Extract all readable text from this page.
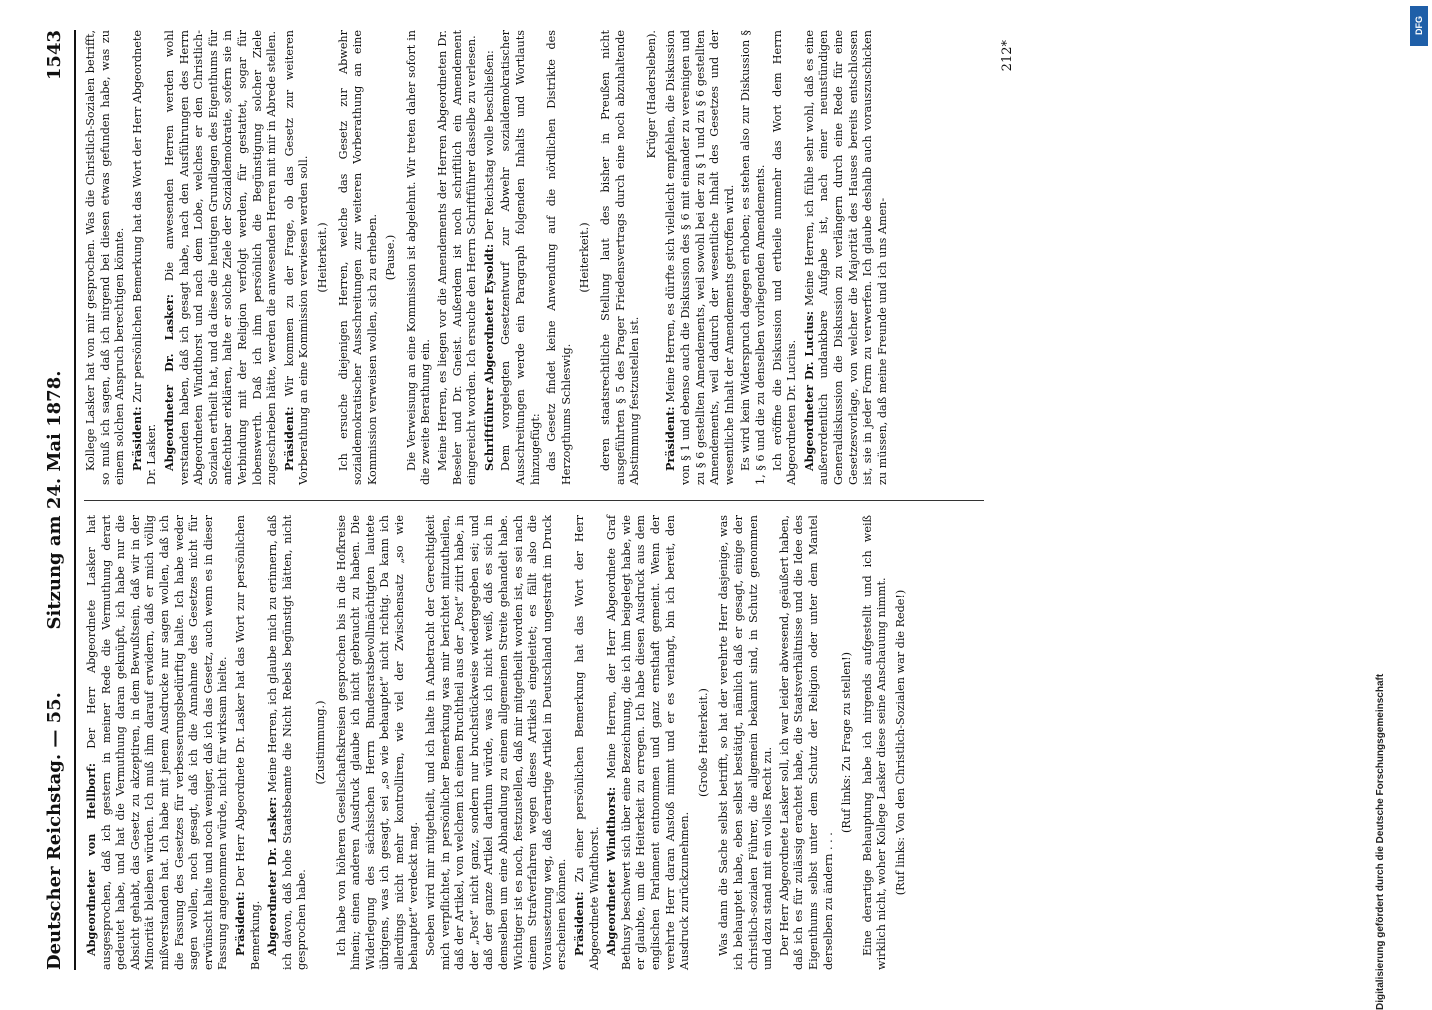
Deutscher Reichstag. — 55.
Sitzung am 24. Mai 1878.
1543

Abgeordneter von Hellborf: Der Herr Abgeordnete Lasker hat ausgesprochen, daß ich gestern in meiner Rede die Vermuthung derart gedeutet habe, und hat die Vermuthung daran geknüpft, ich habe nur die Absicht gehabt, das Gesetz zu akzeptiren, in dem Bewußtsein, daß wir in der Minorität bleiben würden. Ich muß ihm darauf erwidern, daß er mich völlig mißverstanden hat. Ich habe mit jenem Ausdrucke nur sagen wollen, daß ich die Fassung des Gesetzes für verbesserungsbedürftig halte. Ich habe weder sagen wollen, noch gesagt, daß ich die Annahme des Gesetzes nicht für erwünscht halte und noch weniger, daß ich das Gesetz, auch wenn es in dieser Fassung angenommen würde, nicht für wirksam hielte. Präsident: Der Herr Abgeordnete Dr. Lasker hat das Wort zur persönlichen Bemerkung. Abgeordneter Dr. Lasker: Meine Herren, ich glaube mich zu erinnern, daß ich davon, daß hohe Staatsbeamte die Nicht Rebels begünstigt hätten, nicht gesprochen habe.

(Zustimmung.) Ich habe von höheren Gesellschaftskreisen gesprochen bis in die Hofkreise hinein; einen anderen Ausdruck glaube ich nicht gebraucht zu haben. Die Widerlegung des sächsischen Herrn Bundesratsbevollmächtigten lautete übrigens, was ich gesagt, sei „so wie behauptet“ nicht richtig. Da kann ich allerdings nicht mehr kontrolliren, wie viel der Zwischensatz „so wie behauptet“ verdeckt mag. Soeben wird mir mitgetheilt, und ich halte in Anbetracht der Gerechtigkeit mich verpflichtet, in persönlicher Bemerkung was mir berichtet mitzutheilen, daß der Artikel, von welchem ich einen Bruchtheil aus der „Post“ zitirt habe, in der „Post“ nicht ganz, sondern nur bruchstückweise wiedergegeben sei; und daß der ganze Artikel darthun würde, was ich nicht weiß, daß es sich in demselben um eine Abhandlung zu einem allgemeinen Streite gehandelt habe. Wichtiger ist es noch, festzustellen, daß mir mitgetheilt worden ist, es sei nach einem Strafverfahren wegen dieses Artikels eingeleitet; es fällt also die Voraussetzung weg, daß derartige Artikel in Deutschland ungestraft im Druck erscheinen können. Präsident: Zu einer persönlichen Bemerkung hat das Wort der Herr Abgeordnete Windthorst. Abgeordneter Windthorst: Meine Herren, der Herr Abgeordnete Graf Bethusy beschwert sich über eine Bezeichnung, die ich ihm beigelegt habe, wie er glaubte, um die Heiterkeit zu erregen. Ich habe diesen Ausdruck aus dem englischen Parlament entnommen und ganz ernsthaft gemeint. Wenn der verehrte Herr daran Anstoß nimmt und er es verlangt, bin ich bereit, den Ausdruck zurückzunehmen.

(Große Heiterkeit.) Was dann die Sache selbst betrifft, so hat der verehrte Herr dasjenige, was ich behauptet habe, eben selbst bestätigt, nämlich daß er gesagt, einige der christlich-sozialen Führer, die allgemein bekannt sind, in Schutz genommen und dazu stand mit ein volles Recht zu. Der Herr Abgeordnete Lasker soll, ich war leider abwesend, geäußert haben, daß ich es für zulässig erachtet habe, die Staatsverhältnisse und die Idee des Eigenthums selbst unter dem Schutz der Religion oder unter dem Mantel derselben zu ändern . . .

(Ruf links: Zu Frage zu stellen!) Eine derartige Behauptung habe ich nirgends aufgestellt und ich weiß wirklich nicht, woher Kollege Lasker diese seine Anschauung nimmt. (Ruf links: Von den Christlich-Sozialen war die Rede!)

Kollege Lasker hat von mir gesprochen. Was die Christlich-Sozialen betrifft, so muß ich sagen, daß ich nirgend bei diesen etwas gefunden habe, was zu einem solchen Anspruch berechtigen könnte. Präsident: Zur persönlichen Bemerkung hat das Wort der Herr Abgeordnete Dr. Lasker. Abgeordneter Dr. Lasker: Die anwesenden Herren werden wohl verstanden haben, daß ich gesagt habe, nach den Ausführungen des Herrn Abgeordneten Windthorst und nach dem Lobe, welches er den Christlich-Sozialen ertheilt hat, und da diese die heutigen Grundlagen des Eigenthums für anfechtbar erklären, halte er solche Ziele der Sozialdemokratie, sofern sie in Verbindung mit der Religion verfolgt werden, für gestattet, sogar für lobenswerth. Daß ich ihm persönlich die Begünstigung solcher Ziele zugeschrieben hätte, werden die anwesenden Herren mit mir in Abrede stellen. Präsident: Wir kommen zu der Frage, ob das Gesetz zur weiteren Vorberathung an eine Kommission verwiesen werden soll. (Heiterkeit.) Ich ersuche diejenigen Herren, welche das Gesetz zur Abwehr sozialdemokratischer Ausschreitungen zur weiteren Vorberathung an eine Kommission verweisen wollen, sich zu erheben. (Pause.) Die Verweisung an eine Kommission ist abgelehnt. Wir treten daher sofort in die zweite Berathung ein. Meine Herren, es liegen vor die Amendements der Herren Abgeordneten Dr. Beseler und Dr. Gneist. Außerdem ist noch schriftlich ein Amendement eingereicht worden. Ich ersuche den Herrn Schriftführer dasselbe zu verlesen. Schriftführer Abgeordneter Eysoldt: Der Reichstag wolle beschließen: Dem vorgelegten Gesetzentwurf zur Abwehr sozialdemokratischer Ausschreitungen werde ein Paragraph folgenden Inhalts und Wortlauts hinzugefügt: das Gesetz findet keine Anwendung auf die nördlichen Distrikte des Herzogthums Schleswig.

(Heiterkeit.) deren staatsrechtliche Stellung laut des bisher in Preußen nicht ausgeführten § 5 des Prager Friedensvertrags durch eine noch abzuhaltende Abstimmung festzustellen ist.

Krüger (Hadersleben).

Präsident: Meine Herren, es dürfte sich vielleicht empfehlen, die Diskussion von § 1 und ebenso auch die Diskussion des § 6 mit einander zu vereinigen und zu § 6 gestellten Amendements, weil sowohl bei der zu § 1 und zu § 6 gestellten Amendements, weil dadurch der wesentliche Inhalt des Gesetzes und der wesentliche Inhalt der Amendements getroffen wird. Es wird kein Widerspruch dagegen erhoben; es stehen also zur Diskussion § 1, § 6 und die zu denselben vorliegenden Amendements. Ich eröffne die Diskussion und ertheile nunmehr das Wort dem Herrn Abgeordneten Dr. Lucius. Abgeordneter Dr. Lucius: Meine Herren, ich fühle sehr wohl, daß es eine außerordentlich undankbare Aufgabe ist, nach einer neunstündigen Generaldiskussion die Diskussion zu verlängern durch eine Rede für eine Gesetzesvorlage, von welcher die Majorität des Hauses bereits entschlossen ist, sie in jeder Form zu verwerfen. Ich glaube deshalb auch vorauszuschicken zu müssen, daß meine Freunde und ich uns Amen-

212*
Digitalisierung gefördert durch die Deutsche Forschungsgemeinschaft
DFG
